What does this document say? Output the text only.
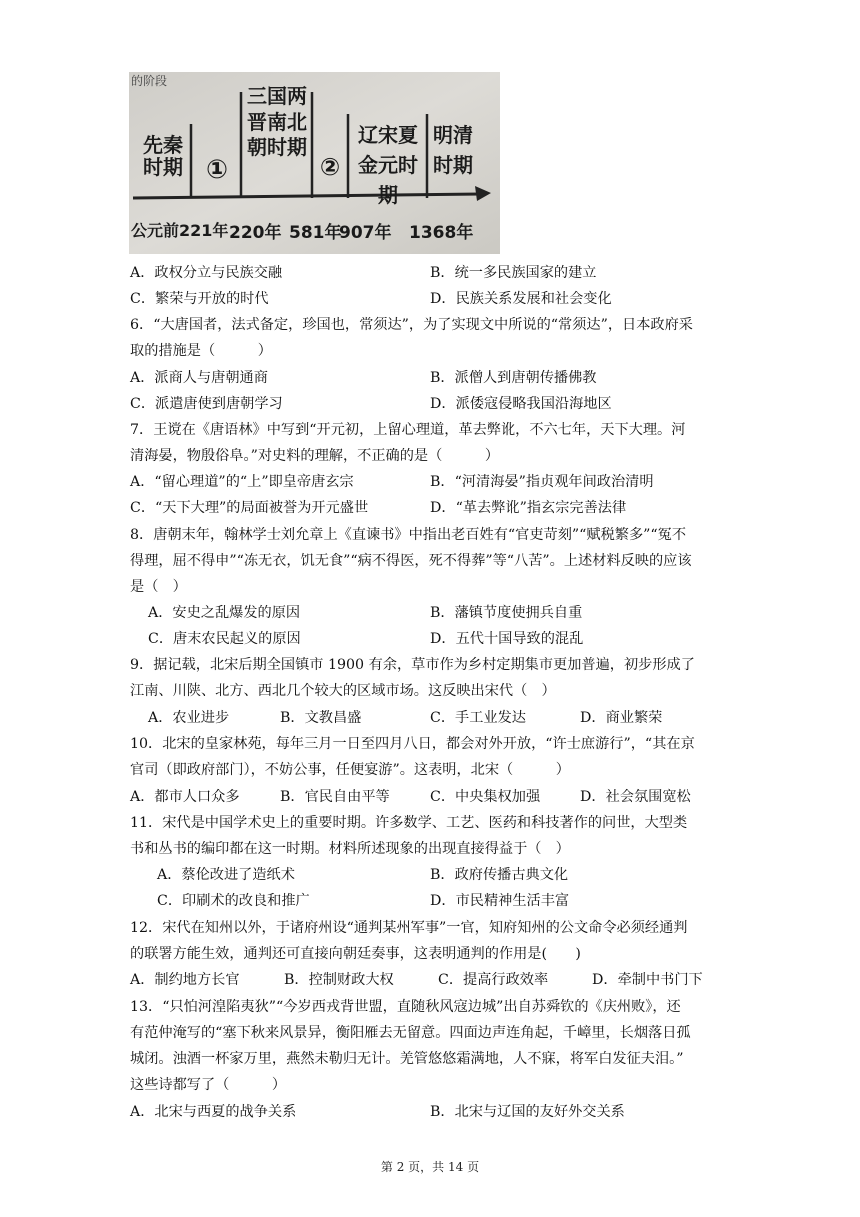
的阶段
先秦时期 ①
三国两晋南北朝时期
②
辽宋夏金元时期
明清时期
公元前221年 220年 581年
907年 1368年
A．政权分立与民族交融	B．统一多民族国家的建立
C．繁荣与开放的时代	D．民族关系发展和社会变化
6．“大唐国者，法式备定，珍国也，常须达”，为了实现文中所说的“常须达”，日本政府采
取的措施是（　　　）
A．派商人与唐朝通商	B．派僧人到唐朝传播佛教
C．派遣唐使到唐朝学习	D．派倭寇侵略我国沿海地区
7．王谠在《唐语林》中写到“开元初，上留心理道，革去弊讹，不六七年，天下大理。河
清海晏，物殷俗阜。”对史料的理解，不正确的是（　　　）
A．“留心理道”的“上”即皇帝唐玄宗	B．“河清海晏”指贞观年间政治清明
C．“天下大理”的局面被誉为开元盛世	D．“革去弊讹”指玄宗完善法律
8．唐朝末年，翰林学士刘允章上《直谏书》中指出老百姓有“官吏苛刻”“赋税繁多”“冤不
得理，屈不得申”“冻无衣，饥无食”“病不得医，死不得葬”等“八苦”。上述材料反映的应该
是（　）
A．安史之乱爆发的原因	B．藩镇节度使拥兵自重
C．唐末农民起义的原因	D．五代十国导致的混乱
9．据记载，北宋后期全国镇市 1900 有余，草市作为乡村定期集市更加普遍，初步形成了
江南、川陕、北方、西北几个较大的区域市场。这反映出宋代（　）
A．农业进步	B．文教昌盛	C．手工业发达	D．商业繁荣
10．北宋的皇家林苑，每年三月一日至四月八日，都会对外开放，“许士庶游行”，“其在京
官司（即政府部门），不妨公事，任便宴游”。这表明，北宋（　　　）
A．都市人口众多	B．官民自由平等	C．中央集权加强	D．社会氛围宽松
11．宋代是中国学术史上的重要时期。许多数学、工艺、医药和科技著作的问世，大型类
书和丛书的编印都在这一时期。材料所述现象的出现直接得益于（　）
A．蔡伦改进了造纸术	B．政府传播古典文化
C．印刷术的改良和推广	D．市民精神生活丰富
12．宋代在知州以外，于诸府州设“通判某州军事”一官，知府知州的公文命令必须经通判
的联署方能生效，通判还可直接向朝廷奏事，这表明通判的作用是(　　)
A．制约地方长官	B．控制财政大权	C．提高行政效率	D．牵制中书门下
13．“只怕河湟陷夷狄”“今岁西戎背世盟，直随秋风寇边城”出自苏舜钦的《庆州败》，还
有范仲淹写的“塞下秋来风景异，衡阳雁去无留意。四面边声连角起，千嶂里，长烟落日孤
城闭。浊酒一杯家万里，燕然未勒归无计。羌管悠悠霜满地，人不寐，将军白发征夫泪。”
这些诗都写了（　　　）
A．北宋与西夏的战争关系	B．北宋与辽国的友好外交关系
第 2 页，共 14 页
